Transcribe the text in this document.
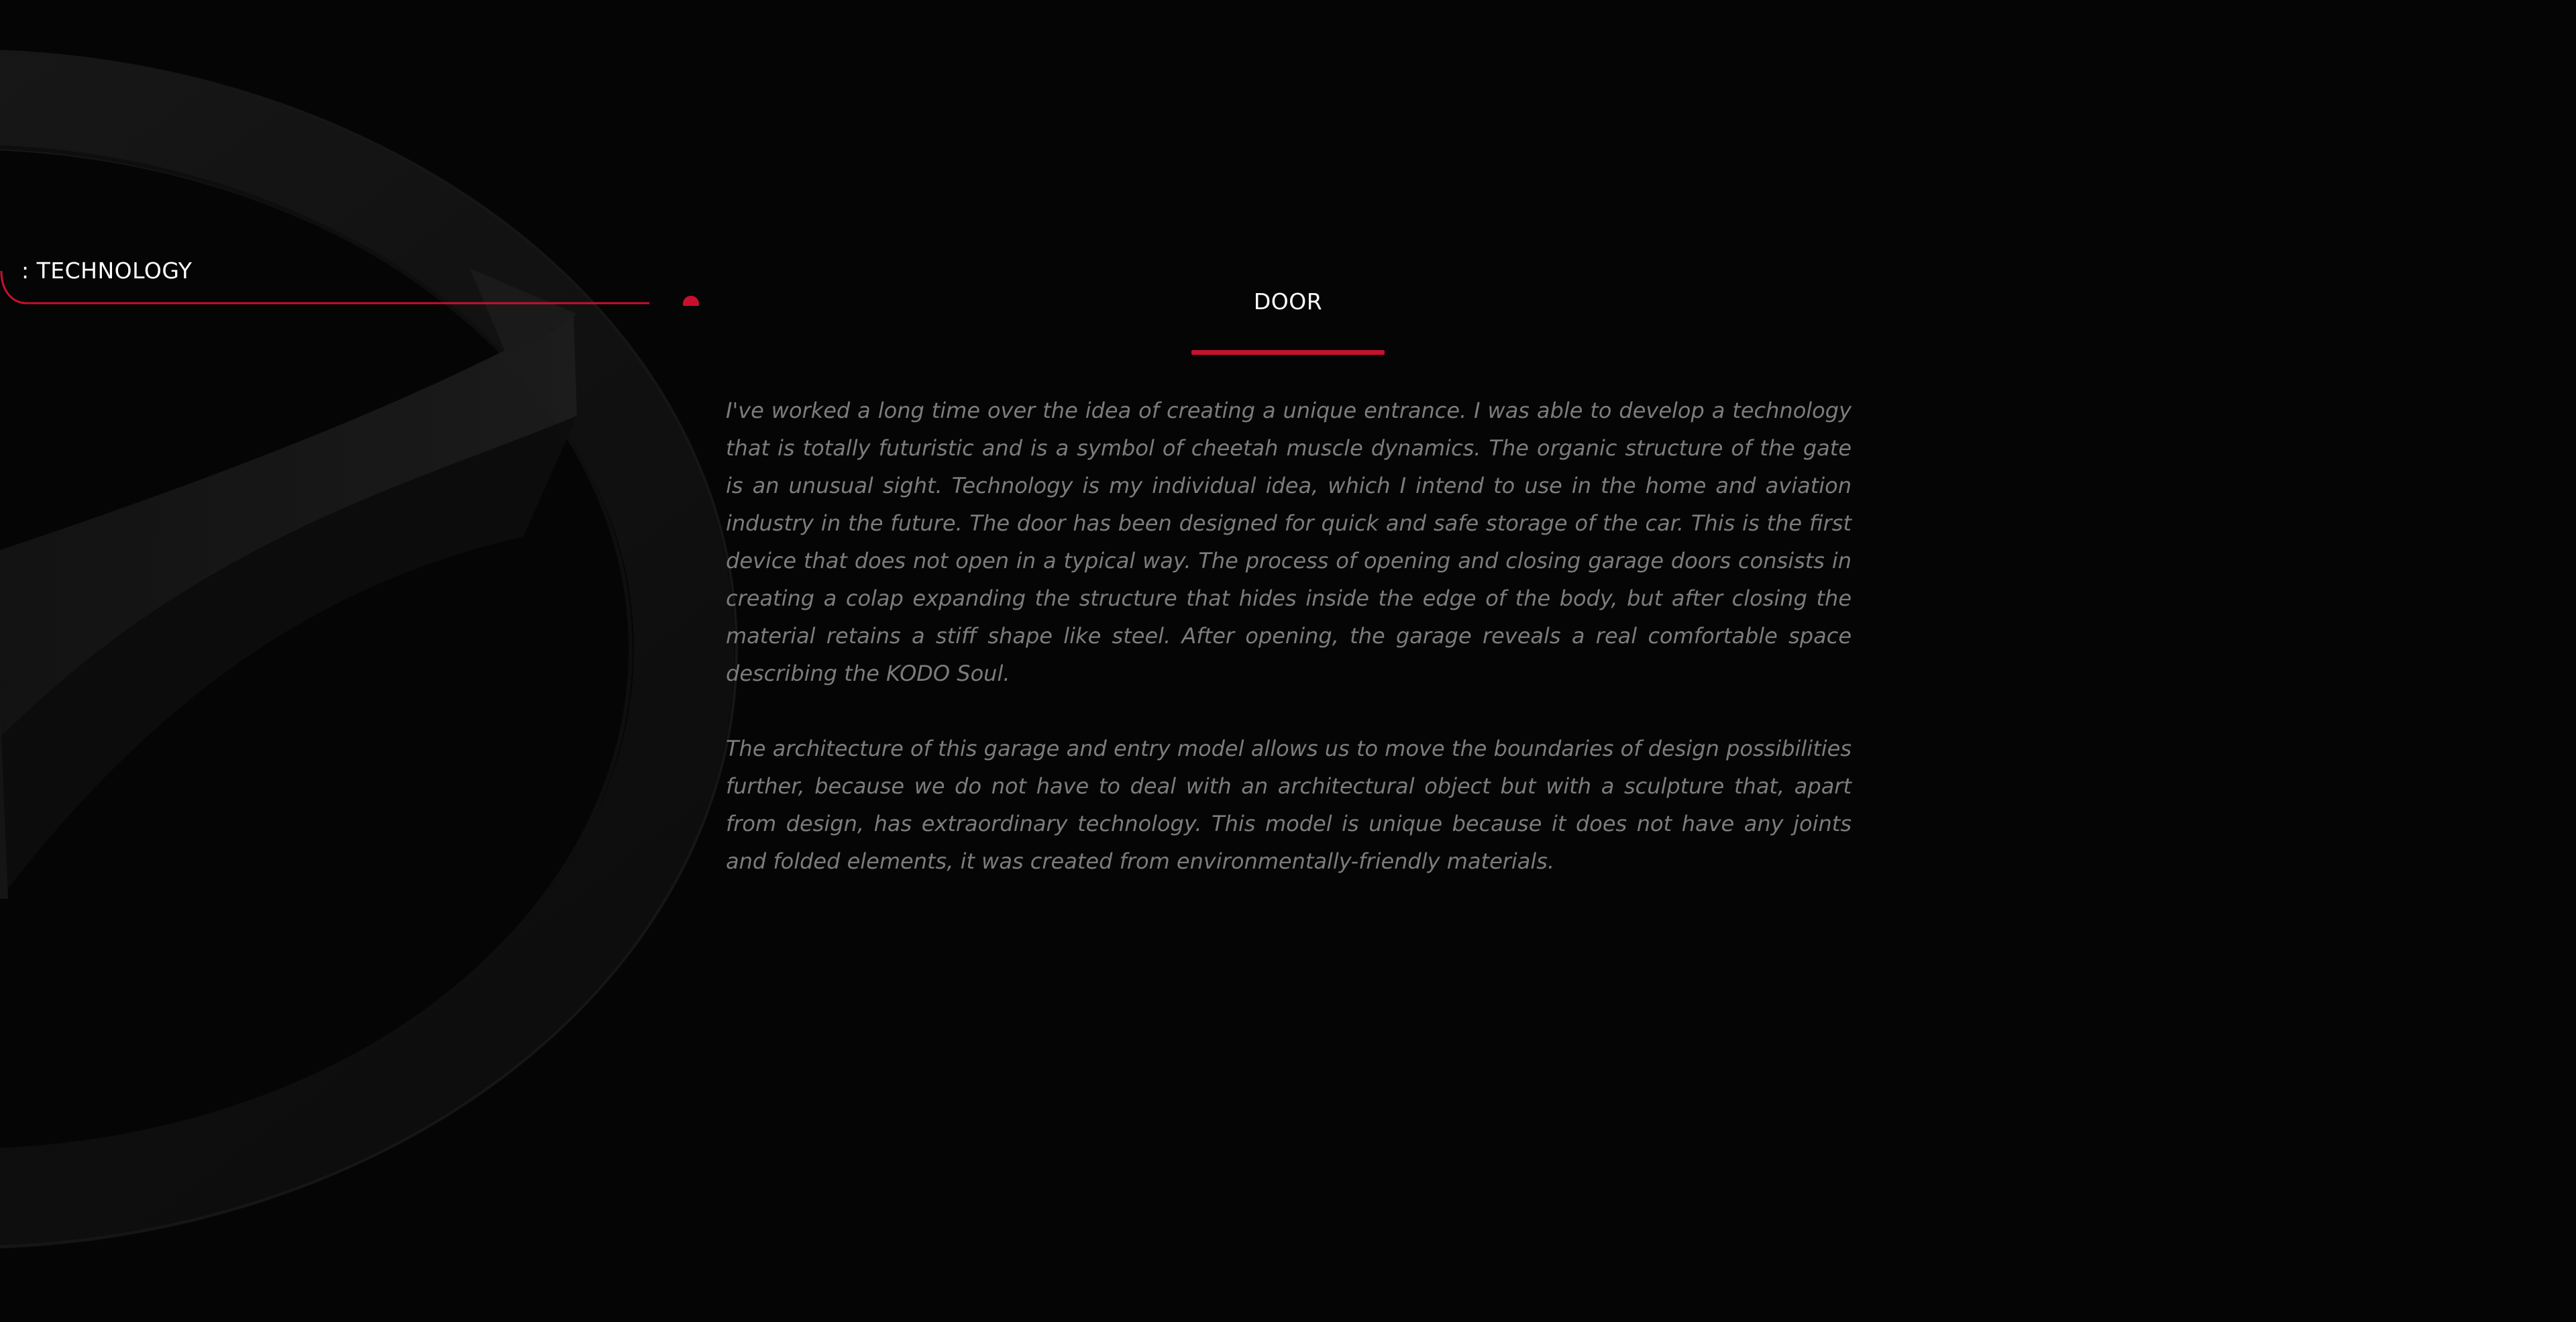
: TECHNOLOGY
DOOR

I've worked a long time over the idea of creating a unique entrance. I was able to develop a technology that is totally futuristic and is a symbol of cheetah muscle dynamics. The organic structure of the gate is an unusual sight. Technology is my individual idea, which I intend to use in the home and aviation industry in the future. The door has been designed for quick and safe storage of the car. This is the first device that does not open in a typical way. The process of opening and closing garage doors consists in creating a colap expanding the structure that hides inside the edge of the body, but after closing the material retains a stiff shape like steel. After opening, the garage reveals a real comfortable space describing the KODO Soul.

The architecture of this garage and entry model allows us to move the boundaries of design possibilities further, because we do not have to deal with an architectural object but with a sculpture that, apart from design, has extraordinary technology. This model is unique because it does not have any joints and folded elements, it was created from environmentally-friendly materials.
